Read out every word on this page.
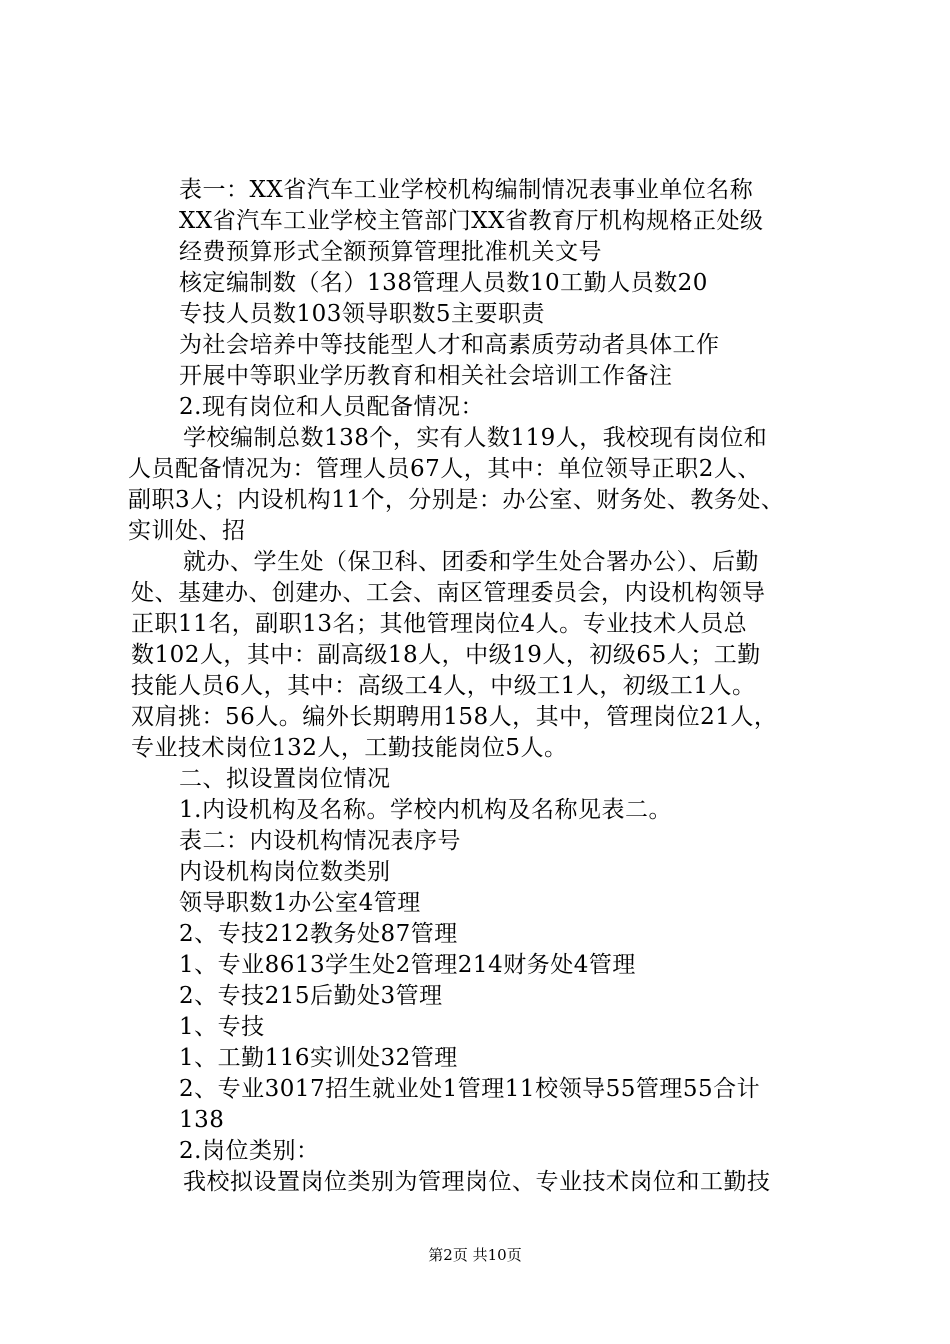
表一：XX省汽车工业学校机构编制情况表事业单位名称
XX省汽车工业学校主管部门XX省教育厅机构规格正处级
经费预算形式全额预算管理批准机关文号
核定编制数（名）138管理人员数10工勤人员数20
专技人员数103领导职数5主要职责
为社会培养中等技能型人才和高素质劳动者具体工作
开展中等职业学历教育和相关社会培训工作备注
2.现有岗位和人员配备情况：
学校编制总数138个，实有人数119人，我校现有岗位和
人员配备情况为：管理人员67人，其中：单位领导正职2人、
副职3人；内设机构11个，分别是：办公室、财务处、教务处、
实训处、招
就办、学生处（保卫科、团委和学生处合署办公）、后勤
处、基建办、创建办、工会、南区管理委员会，内设机构领导
正职11名，副职13名；其他管理岗位4人。专业技术人员总
数102人，其中：副高级18人，中级19人，初级65人；工勤
技能人员6人，其中：高级工4人，中级工1人，初级工1人。
双肩挑：56人。编外长期聘用158人，其中，管理岗位21人，
专业技术岗位132人，工勤技能岗位5人。
二、拟设置岗位情况
1.内设机构及名称。学校内机构及名称见表二。
表二：内设机构情况表序号
内设机构岗位数类别
领导职数1办公室4管理
2、专技212教务处87管理
1、专业8613学生处2管理214财务处4管理
2、专技215后勤处3管理
1、专技
1、工勤116实训处32管理
2、专业3017招生就业处1管理11校领导55管理55合计
138
2.岗位类别：
我校拟设置岗位类别为管理岗位、专业技术岗位和工勤技
第2页 共10页
